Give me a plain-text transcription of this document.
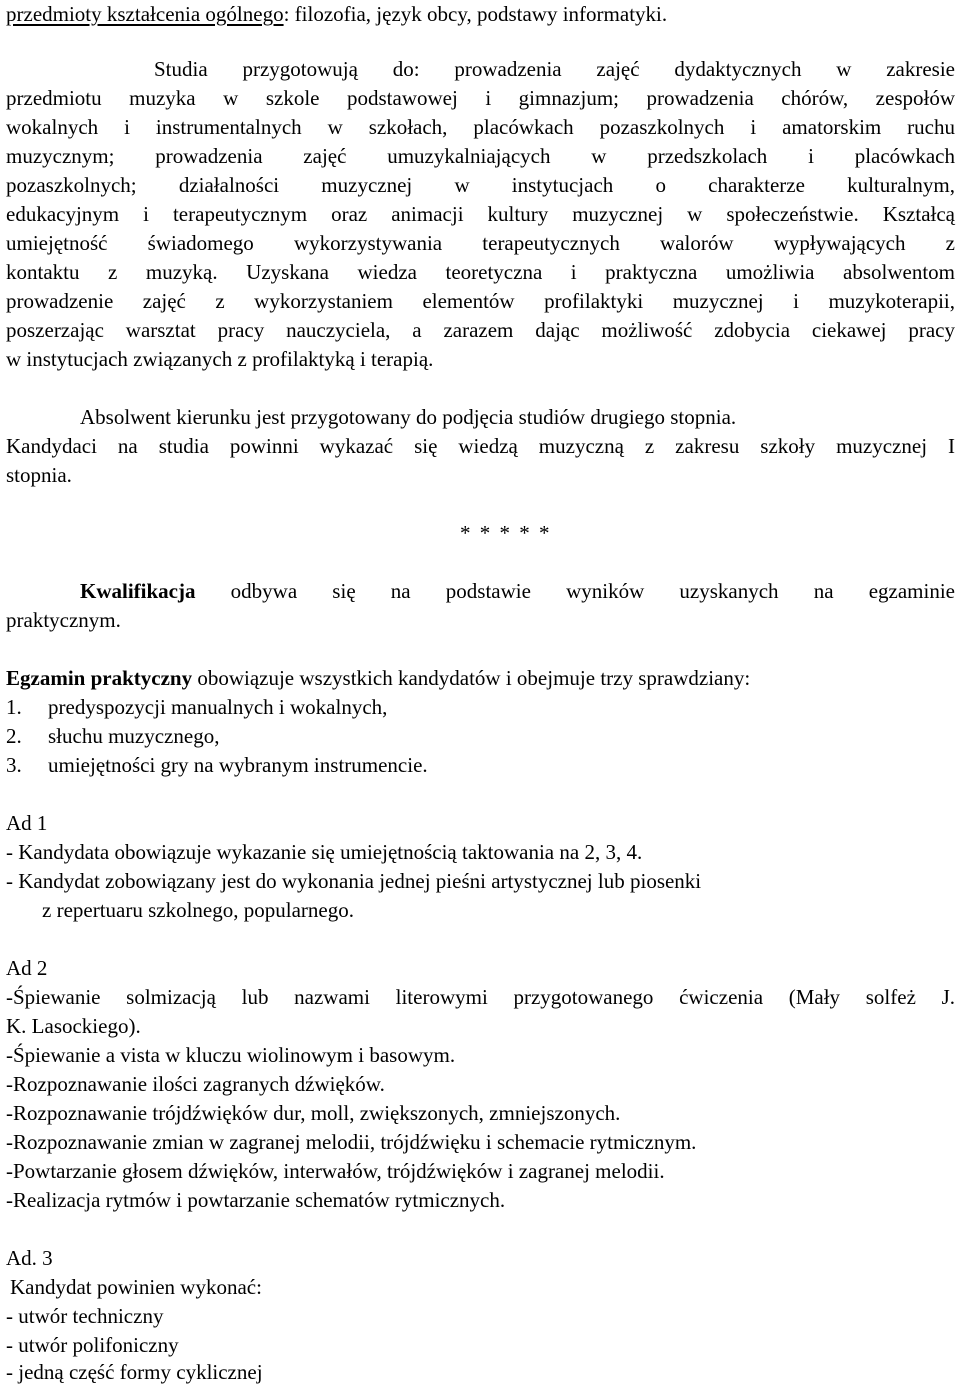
przedmioty kształcenia ogólnego: filozofia, język obcy, podstawy informatyki.
Studia przygotowują do: prowadzenia zajęć dydaktycznych w zakresie
przedmiotu muzyka w szkole podstawowej i gimnazjum; prowadzenia chórów, zespołów
wokalnych i instrumentalnych w szkołach, placówkach pozaszkolnych i amatorskim ruchu
muzycznym; prowadzenia zajęć umuzykalniających w przedszkolach i placówkach
pozaszkolnych; działalności muzycznej w instytucjach o charakterze kulturalnym,
edukacyjnym i terapeutycznym oraz animacji kultury muzycznej w społeczeństwie. Kształcą
umiejętność świadomego wykorzystywania terapeutycznych walorów wypływających z
kontaktu z muzyką. Uzyskana wiedza teoretyczna i praktyczna umożliwia absolwentom
prowadzenie zajęć z wykorzystaniem elementów profilaktyki muzycznej i muzykoterapii,
poszerzając warsztat pracy nauczyciela, a zarazem dając możliwość zdobycia ciekawej pracy
w instytucjach związanych z profilaktyką i terapią.
Absolwent kierunku jest przygotowany do podjęcia studiów drugiego stopnia.
Kandydaci na studia powinni wykazać się wiedzą muzyczną z zakresu szkoły muzycznej I
stopnia.
* * * * *
Kwalifikacja odbywa się na podstawie wyników uzyskanych na egzaminie
praktycznym.
Egzamin praktyczny obowiązuje wszystkich kandydatów i obejmuje trzy sprawdziany:
1. predyspozycji manualnych i wokalnych,
2. słuchu muzycznego,
3. umiejętności gry na wybranym instrumencie.
Ad 1
- Kandydata obowiązuje wykazanie się umiejętnością taktowania na 2, 3, 4.
- Kandydat zobowiązany jest do wykonania jednej pieśni artystycznej lub piosenki
z repertuaru szkolnego, popularnego.
Ad 2
-Śpiewanie solmizacją lub nazwami literowymi przygotowanego ćwiczenia (Mały solfeż J.
K. Lasockiego).
-Śpiewanie a vista w kluczu wiolinowym i basowym.
-Rozpoznawanie ilości zagranych dźwięków.
-Rozpoznawanie trójdźwięków dur, moll, zwiększonych, zmniejszonych.
-Rozpoznawanie zmian w zagranej melodii, trójdźwięku i schemacie rytmicznym.
-Powtarzanie głosem dźwięków, interwałów, trójdźwięków i zagranej melodii.
-Realizacja rytmów i powtarzanie schematów rytmicznych.
Ad. 3
Kandydat powinien wykonać:
- utwór techniczny
- utwór polifoniczny
- jedną część formy cyklicznej
